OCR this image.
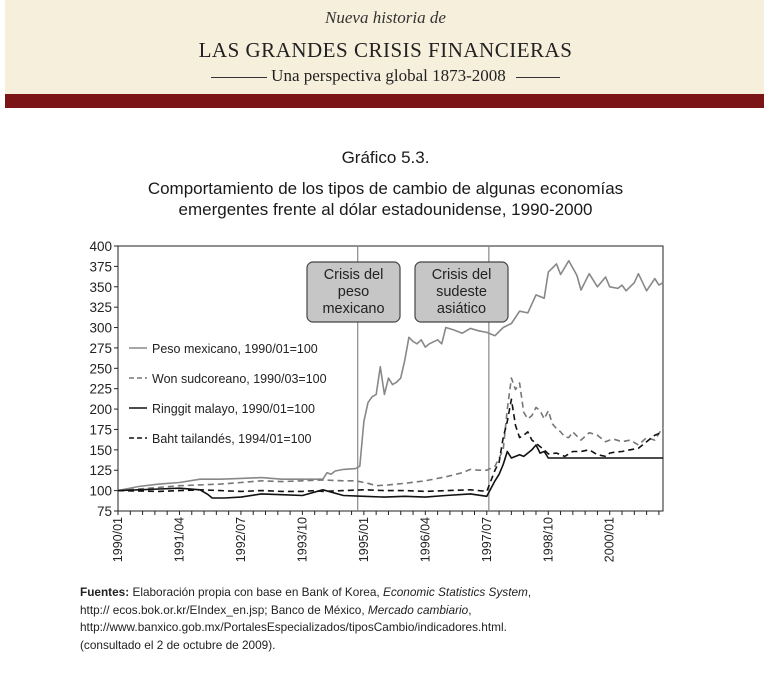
Nueva historia de
LAS GRANDES CRISIS FINANCIERAS
Una perspectiva global 1873-2008
Gráfico 5.3.
Comportamiento de los tipos de cambio de algunas economías
emergentes frente al dólar estadounidense, 1990-2000
75
100
125
150
175
200
225
250
275
300
325
350
375
400
1990/01	1991/04	1992/07	1993/10	1995/01	1996/04	1997/07	1998/10	2000/01
Crisis del
peso
mexicano
Crisis del
sudeste
asiático
Peso mexicano, 1990/01=100
Won sudcoreano, 1990/03=100
Ringgit malayo, 1990/01=100
Baht tailandés, 1994/01=100
Fuentes: Elaboración propia con base en Bank of Korea, Economic Statistics System,
http:// ecos.bok.or.kr/EIndex_en.jsp; Banco de México, Mercado cambiario,
http://www.banxico.gob.mx/PortalesEspecializados/tiposCambio/indicadores.html.
(consultado el 2 de octubre de 2009).
